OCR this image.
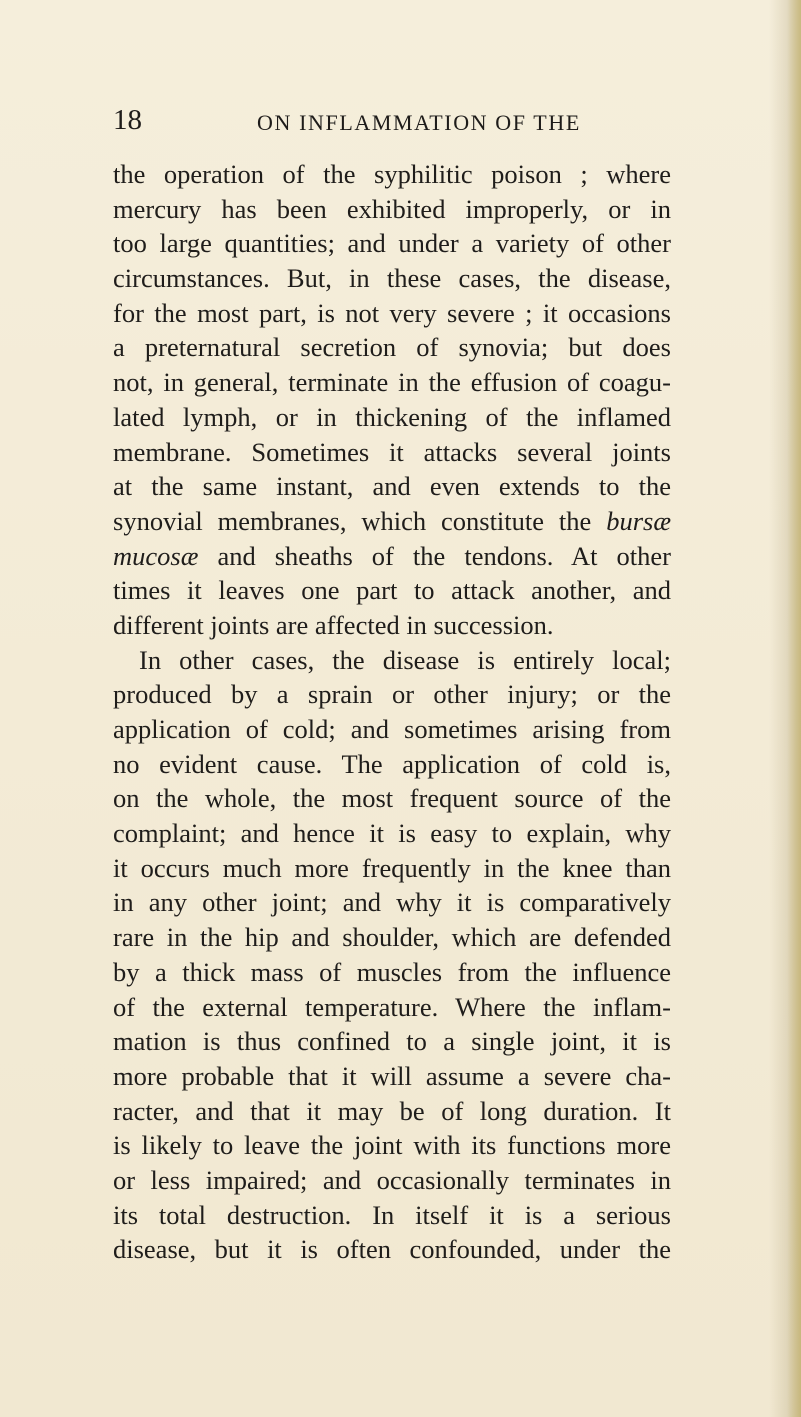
18	ON INFLAMMATION OF THE
the operation of the syphilitic poison ; where
mercury has been exhibited improperly, or in
too large quantities; and under a variety of other
circumstances. But, in these cases, the disease,
for the most part, is not very severe ; it occasions
a preternatural secretion of synovia; but does
not, in general, terminate in the effusion of coagu-
lated lymph, or in thickening of the inflamed
membrane. Sometimes it attacks several joints
at the same instant, and even extends to the
synovial membranes, which constitute the bursæ
mucosæ and sheaths of the tendons. At other
times it leaves one part to attack another, and
different joints are affected in succession.
In other cases, the disease is entirely local;
produced by a sprain or other injury; or the
application of cold; and sometimes arising from
no evident cause. The application of cold is,
on the whole, the most frequent source of the
complaint; and hence it is easy to explain, why
it occurs much more frequently in the knee than
in any other joint; and why it is comparatively
rare in the hip and shoulder, which are defended
by a thick mass of muscles from the influence
of the external temperature. Where the inflam-
mation is thus confined to a single joint, it is
more probable that it will assume a severe cha-
racter, and that it may be of long duration. It
is likely to leave the joint with its functions more
or less impaired; and occasionally terminates in
its total destruction. In itself it is a serious
disease, but it is often confounded, under the
